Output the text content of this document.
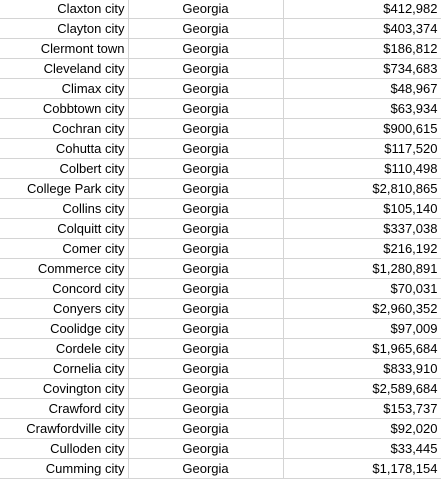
Claxton city	Georgia	$412,982
Clayton city	Georgia	$403,374
Clermont town	Georgia	$186,812
Cleveland city	Georgia	$734,683
Climax city	Georgia	$48,967
Cobbtown city	Georgia	$63,934
Cochran city	Georgia	$900,615
Cohutta city	Georgia	$117,520
Colbert city	Georgia	$110,498
College Park city	Georgia	$2,810,865
Collins city	Georgia	$105,140
Colquitt city	Georgia	$337,038
Comer city	Georgia	$216,192
Commerce city	Georgia	$1,280,891
Concord city	Georgia	$70,031
Conyers city	Georgia	$2,960,352
Coolidge city	Georgia	$97,009
Cordele city	Georgia	$1,965,684
Cornelia city	Georgia	$833,910
Covington city	Georgia	$2,589,684
Crawford city	Georgia	$153,737
Crawfordville city	Georgia	$92,020
Culloden city	Georgia	$33,445
Cumming city	Georgia	$1,178,154
